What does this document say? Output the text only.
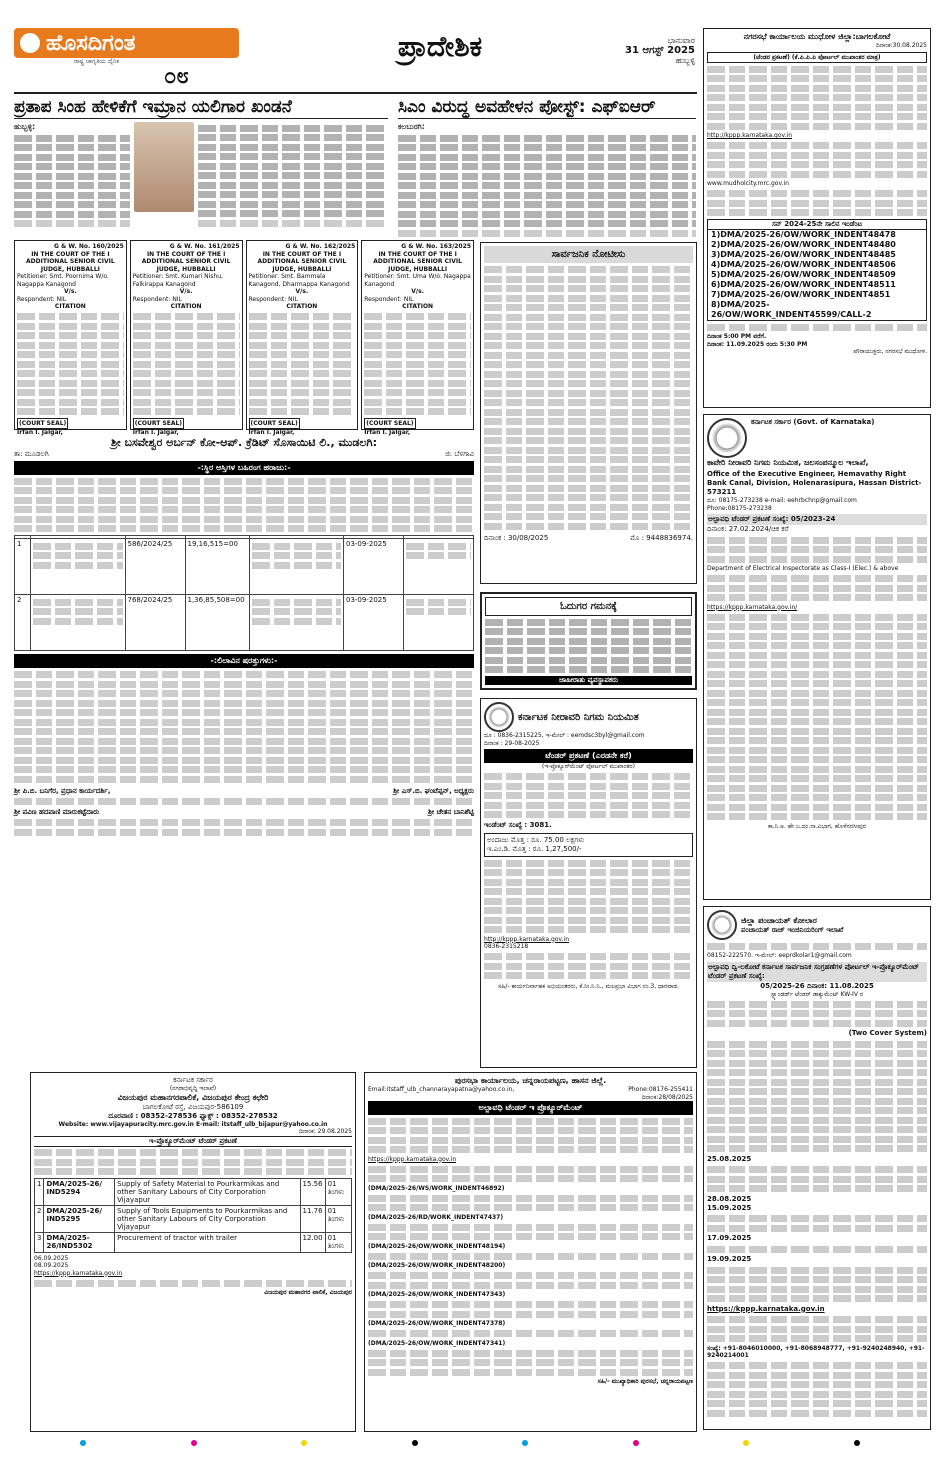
ಹೊಸದಿಗಂತ
ರಾಷ್ಟ್ರ ಜಾಗೃತಿಯ ದೈನಿಕ
೦೮
ಪ್ರಾದೇಶಿಕ	ಭಾನುವಾರ
31 ಆಗಸ್ಟ್ 2025
ಹುಬ್ಬಳ್ಳಿ
ಪ್ರತಾಪ ಸಿಂಹ ಹೇಳಿಕೆಗೆ ಇಮ್ರಾನ ಯಲಿಗಾರ ಖಂಡನೆ
ಹುಬ್ಬಳ್ಳಿ:
ಸಿಎಂ ವಿರುದ್ಧ ಅವಹೇಳನ ಪೋಸ್ಟ್: ಎಫ್ಐಆರ್
ಕಲಬುರಗಿ:
G & W. No. 160/2025
IN THE COURT OF THE I ADDITIONAL SENIOR CIVIL JUDGE, HUBBALLI
Petitioner: Smt. Poornima W/o. Nagappa Kanagond
V/s.
Respondent: NIL
CITATION
(COURT SEAL)
Irfan I. Jalgar,
G & W. No. 161/2025
IN THE COURT OF THE I ADDITIONAL SENIOR CIVIL JUDGE, HUBBALLI
Petitioner: Smt. Kumari Nishu, Falkirappa Kanagond
V/s.
Respondent: NIL
CITATION
(COURT SEAL)
Irfan I. Jalgar,
G & W. No. 162/2025
IN THE COURT OF THE I ADDITIONAL SENIOR CIVIL JUDGE, HUBBALLI
Petitioner: Smt. Bammala Kanagond, Dharmappa Kanagond
V/s.
Respondent: NIL
CITATION
(COURT SEAL)
Irfan I. Jalgar,
G & W. No. 163/2025
IN THE COURT OF THE I ADDITIONAL SENIOR CIVIL JUDGE, HUBBALLI
Petitioner: Smt. Uma W/o. Nagappa Kanagond
V/s.
Respondent: NIL
CITATION
(COURT SEAL)
Irfan I. Jalgar,
ಸಾರ್ವಜನಿಕ ನೋಟೀಸು
ದಿನಾಂಕ : 30/08/2025	ಮೊ : 9448836974.
ಶ್ರೀ ಬಸವೇಶ್ವರ ಅರ್ಬನ್ ಕೋ-ಆಪ್. ಕ್ರೆಡಿಟ್ ಸೊಸಾಯಿಟಿ ಲಿ., ಮುಡಲಗಿ:
ತಾ: ಮೂಡಲಗಿ	ಜಿ: ಬೆಳಗಾವಿ
-:ಸ್ಥಿರ ಆಸ್ತಿಗಳ ಬಹಿರಂಗ ಹರಾಜು:-

1		586/2024/25	19,16,515=00		03-09-2025	

2		768/2024/25	1,36,85,508=00		03-09-2025	
-:ಲಿಲಾವಿನ ಷರತ್ತುಗಳು:-
ಶ್ರೀ ಪಿ.ಬಿ. ಬನಿಗೆರ, ಪ್ರಧಾನ ಕಾರ್ಯದರ್ಶಿ,	ಶ್ರೀ ಎಸ್.ಬಿ. ಘಂಟೆಪ್ಪನ್, ಅಧ್ಯಕ್ಷರು
ಶ್ರೀ ಪವಿಣ ಹದಪಾಣಿ ಮಾರುಕಟ್ಟೆದಾರು	ಶ್ರೀ ಚೇತನ ಬಾನಿಶೆಟ್ಟಿ
ಓದುಗರ ಗಮನಕ್ಕೆ
ಜಾಹೀರಾತು ವ್ಯವಸ್ಥಾಪಕರು
ಕರ್ನಾಟಕ ನೀರಾವರಿ ನಿಗಮ ನಿಯಮಿತ
ದೂ : 0836-2315225, ಇ-ಮೇಲ್ : eemdsc3byl@gmail.com
ದಿನಾಂಕ : 29-08-2025
ಟೆಂಡರ್ ಪ್ರಕಟಣೆ (ಎರಡನೇ ಕರೆ)
(ಇ-ಪ್ರೊಕ್ಯೂರ್‌ಮೆಂಟ್ ಪೋರ್ಟಲ್ ಮುಖಾಂತರ)
ಇಂಡೆಂಟ್ ಸಂಖ್ಯೆ : 3081.
ಅಂದಾಜು ಮೊತ್ತ : ರೂ. 75.00 ಲಕ್ಷಗಳು
ಇ.ಎಂ.ಡಿ. ಮೊತ್ತ : ರೂ. 1,27,500/-
http://kppp.karnataka.gov.in
0836-2315218
ಸಹಿ/- ಕಾರ್ಯನಿರ್ವಾಹಕ ಅಭಿಯಂತರರು, ಕೆ.ನೀ.ನಿ.ನಿ., ಮಲಪ್ರಭಾ ವಿಭಾಗ ನಂ.3, ಧಾರವಾಡ.
ನಗರಸಭೆ ಕಾರ್ಯಾಲಯ ಮುಧೋಳ ಜಿಲ್ಲಾ:ಬಾಗಲಕೋಟೆ
ದಿನಾಂಕ:30.08.2025
(ಟೆಂಡರ ಪ್ರಕಟಣೆ) (ಕೆ.ಪಿ.ಪಿ.ಪಿ ಪೋರ್ಟಲ್ ಮುಖಾಂತರ ಮಾತ್ರ)
http://kppp.karnataka.gov.in
www.mudholcity.mrc.gov.in
ಸನ್ 2024-25ನೇ ಸಾಲಿನ ಇಂಡೆಂಟ
1)DMA/2025-26/OW/WORK_INDENT48478
2)DMA/2025-26/OW/WORK_INDENT48480
3)DMA/2025-26/OW/WORK_INDENT48485
4)DMA/2025-26/OW/WORK_INDENT48506
5)DMA/2025-26/OW/WORK_INDENT48509
6)DMA/2025-26/OW/WORK_INDENT48511
7)DMA/2025-26/OW/WORK_INDENT4851
8)DMA/2025-26/OW/WORK_INDENT45599/CALL-2
ದಿನಾಂಕ 5:00 PM ವರೆಗೆ.
ದಿನಾಂಕ: 11.09.2025 ರಂದು 5:30 PM
ಪೌರಾಯುಕ್ತರು, ನಗರಸಭೆ ಮುಧೋಳ.
ಕರ್ನಾಟಕ ಸರ್ಕಾರ (Govt. of Karnataka)
ಕಾವೇರಿ ನೀರಾವರಿ ನಿಗಮ ನಿಯಮಿತ, ಜಲಸಂಪನ್ಮೂಲ ಇಲಾಖೆ,
Office of the Executive Engineer, Hemavathy Right Bank Canal, Division, Holenarasipura, Hassan District-573211
ದೂ: 08175-273238 e-mail: eehrbchnp@gmail.com
Phone:08175-273238
ಅಲ್ಪಾವಧಿ ಟೆಂಡರ್ ಪ್ರಕಟಣೆ ಸಂಖ್ಯೆ: 05/2023-24
ದಿನಾಂಕ: 27.02.2024/ಚಿಕ ಕರೆ
Department of Electrical Inspectorate as Class-I (Elec.) & above
https://kppp.karnataka.gov.in/
ಕಾ.ನಿ.ಅ. ಹೇ.ಬ.ದಂ.ನಾ.ವಿಭಾಗ, ಹೊಳೆನರಸೀಪುರ
ಜಿಲ್ಲಾ ಪಂಚಾಯತ್ ಕೋಲಾರ
ಪಂಚಾಯತ್ ರಾಜ್ ಇಂಜಿನಿಯರಿಂಗ್ ಇಲಾಖೆ
08152-222570. ಇ-ಮೇಲ್: eeprdkolar1@gmail.com
ಅಲ್ಪಾವಧಿ ದ್ವಿ-ಲಕೋಟೆ ಕರ್ನಾಟಕ ಸಾರ್ವಜನಿಕ ಸಂಗ್ರಹಣೆಗಳ ಪೋರ್ಟಲ್ ಇ-ಪ್ರೊಕ್ಯೂರ್‌ಮೆಂಟ್ ಟೆಂಡರ್ ಪ್ರಕಟಣೆ ಸಂಖ್ಯೆ:
05/2025-26 ದಿನಾಂಕ: 11.08.2025
ಸ್ಟ್ಯಾಂಡರ್ಡ್ ಟೆಂಡರ್ ಡಾಕ್ಯುಮೆಂಟ್ KW-IV ರ
(Two Cover System)
25.08.2025
28.08.2025
15.09.2025
17.09.2025
19.09.2025
https://kppp.karnataka.gov.in
ಸಂಖ್ಯೆ: +91-8046010000, +91-8068948777, +91-9240248940, +91-9240214001
ಕರ್ನಾಟಕ ಸರ್ಕಾರ
(ನಗರಾಭಿವೃದ್ಧಿ ಇಲಾಖೆ)
ವಿಜಯಪುರ ಮಹಾನಗರಪಾಲಿಕೆ, ವಿಜಯಪುರ ಕೇಂದ್ರ ಕಛೇರಿ
ಬಾಗಲಕೋಟೆ ರಸ್ತೆ, ವಿಜಯಪುರ-586109
ದೂರವಾಣಿ : 08352-278536 ಫ್ಯಾಕ್ಸ್ : 08352-278532
Website: www.vijayapuracity.mrc.gov.in E-mail: itstaff_ulb_bijapur@yahoo.co.in
ದಿನಾಂಕ: 29.08.2025
ಇ-ಪ್ರೊಕ್ಯೂರ್‌ಮೆಂಟ್ ಟೆಂಡರ್ ಪ್ರಕಟಣೆ
1	DMA/2025-26/ IND5294	Supply of Safety Material to Pourkarmikas and other Sanitary Labours of City Corporation Vijayapur	15.56	01 ತಿಂಗಳು
2	DMA/2025-26/ IND5295	Supply of Tools Equipments to Pourkarmikas and other Sanitary Labours of City Corporation Vijayapur	11.76	01 ತಿಂಗಳು
3	DMA/2025-26/IND5302	Procurement of tractor with trailer	12.00	01 ತಿಂಗಳು
06.09.2025
08.09.2025
https://kppp.karnataka.gov.in
ವಿಜಯಪುರ ಮಹಾನಗರ ಪಾಲಿಕೆ, ವಿಜಯಪುರ
ಪುರಸಭಾ ಕಾರ್ಯಾಲಯ, ಚನ್ನರಾಯಪಟ್ಟಣ, ಹಾಸನ ಜಿಲ್ಲೆ.
Email:itstaff_ulb_channarayapatna@yahoo.co.in,	Phone:08176-255411
ದಿನಾಂಕ:28/08/2025
ಅಲ್ಪಾವಧಿ ಟೆಂಡರ್ ಇ ಪ್ರೊಕ್ಯೂರ್‌ಮೆಂಟ್
https://kppp.karnataka.gov.in
(DMA/2025-26/WS/WORK_INDENT46892)
(DMA/2025-26/RD/WORK_INDENT47437)
(DMA/2025-26/OW/WORK_INDENT48194)
(DMA/2025-26/OW/WORK_INDENT48200)
(DMA/2025-26/OW/WORK_INDENT47343)
(DMA/2025-26/OW/WORK_INDENT47378)
(DMA/2025-26/OW/WORK_INDENT47341)
ಸಹಿ/- ಮುಖ್ಯಾಧಿಕಾರಿ ಪುರಸಭೆ, ಚನ್ನರಾಯಪಟ್ಟಣ
